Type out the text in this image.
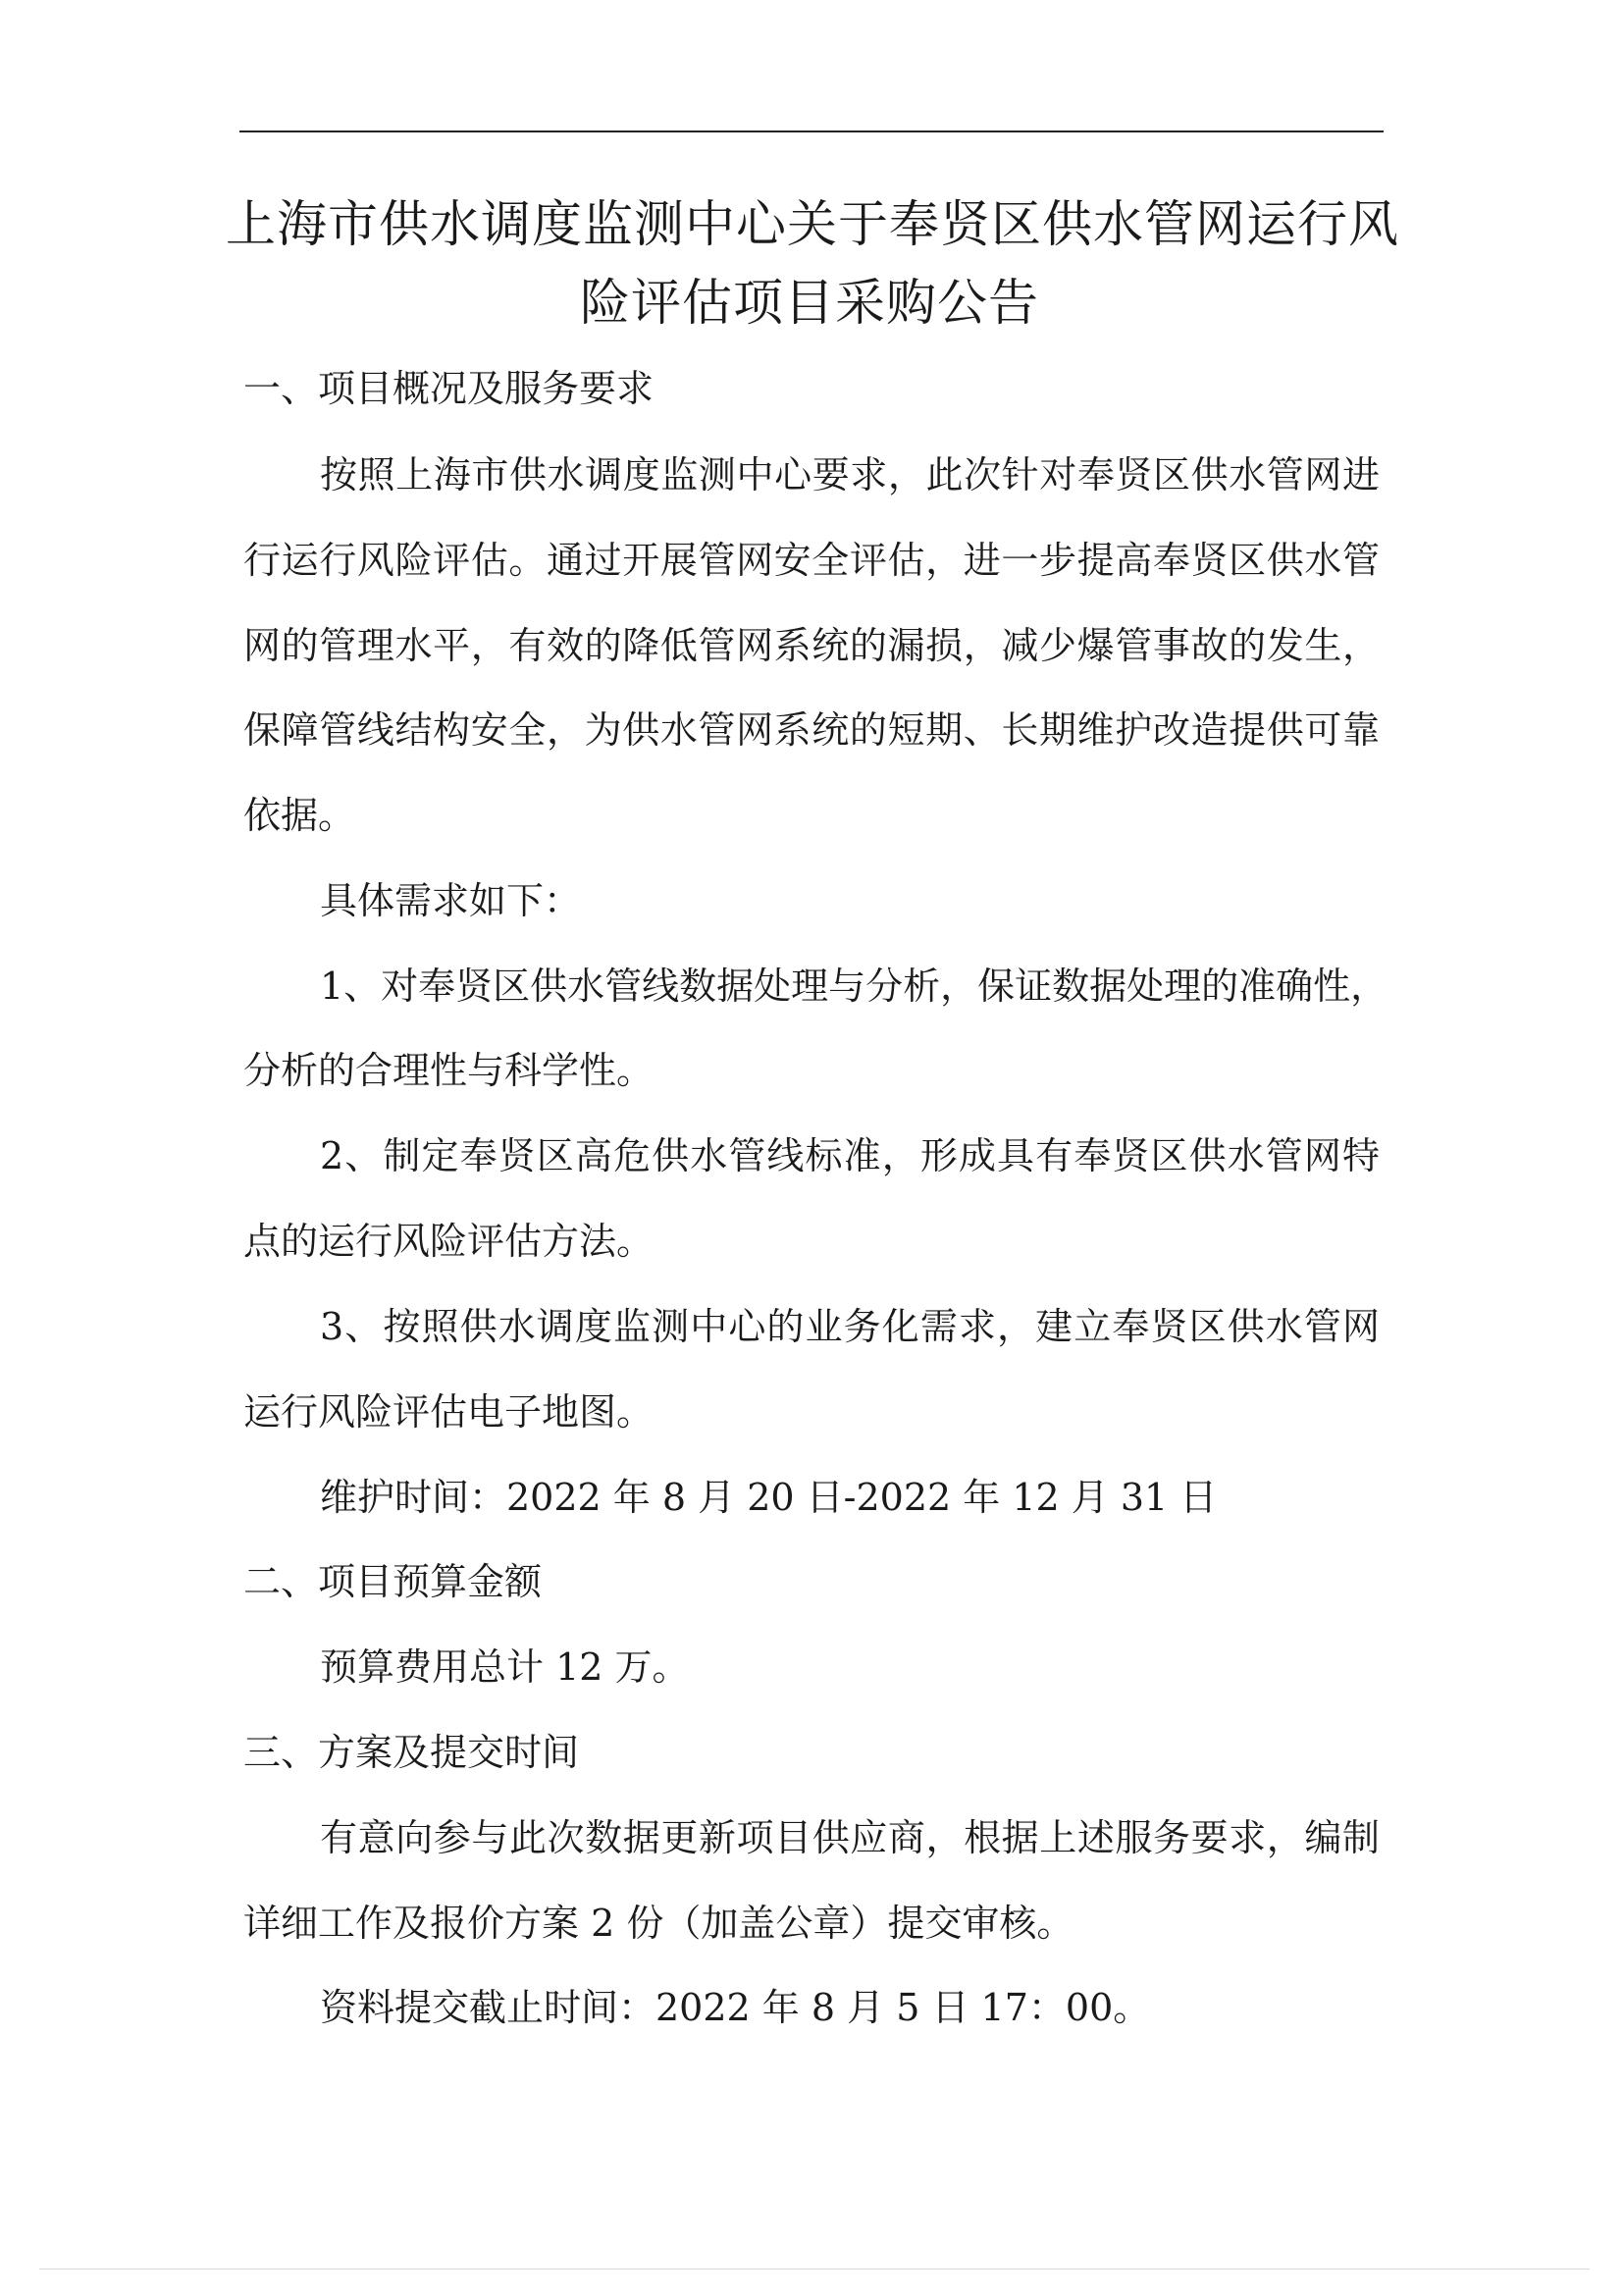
上海市供水调度监测中心关于奉贤区供水管网运行风
险评估项目采购公告
一、项目概况及服务要求
按照上海市供水调度监测中心要求，此次针对奉贤区供水管网进
行运行风险评估。通过开展管网安全评估，进一步提高奉贤区供水管
网的管理水平，有效的降低管网系统的漏损，减少爆管事故的发生，
保障管线结构安全，为供水管网系统的短期、长期维护改造提供可靠
依据。
具体需求如下：
1、对奉贤区供水管线数据处理与分析，保证数据处理的准确性，
分析的合理性与科学性。
2、制定奉贤区高危供水管线标准，形成具有奉贤区供水管网特
点的运行风险评估方法。
3、按照供水调度监测中心的业务化需求，建立奉贤区供水管网
运行风险评估电子地图。
维护时间：2022 年 8 月 20 日-2022 年 12 月 31 日
二、项目预算金额
预算费用总计 12 万。
三、方案及提交时间
有意向参与此次数据更新项目供应商，根据上述服务要求，编制
详细工作及报价方案 2 份（加盖公章）提交审核。
资料提交截止时间：2022 年 8 月 5 日 17：00。
